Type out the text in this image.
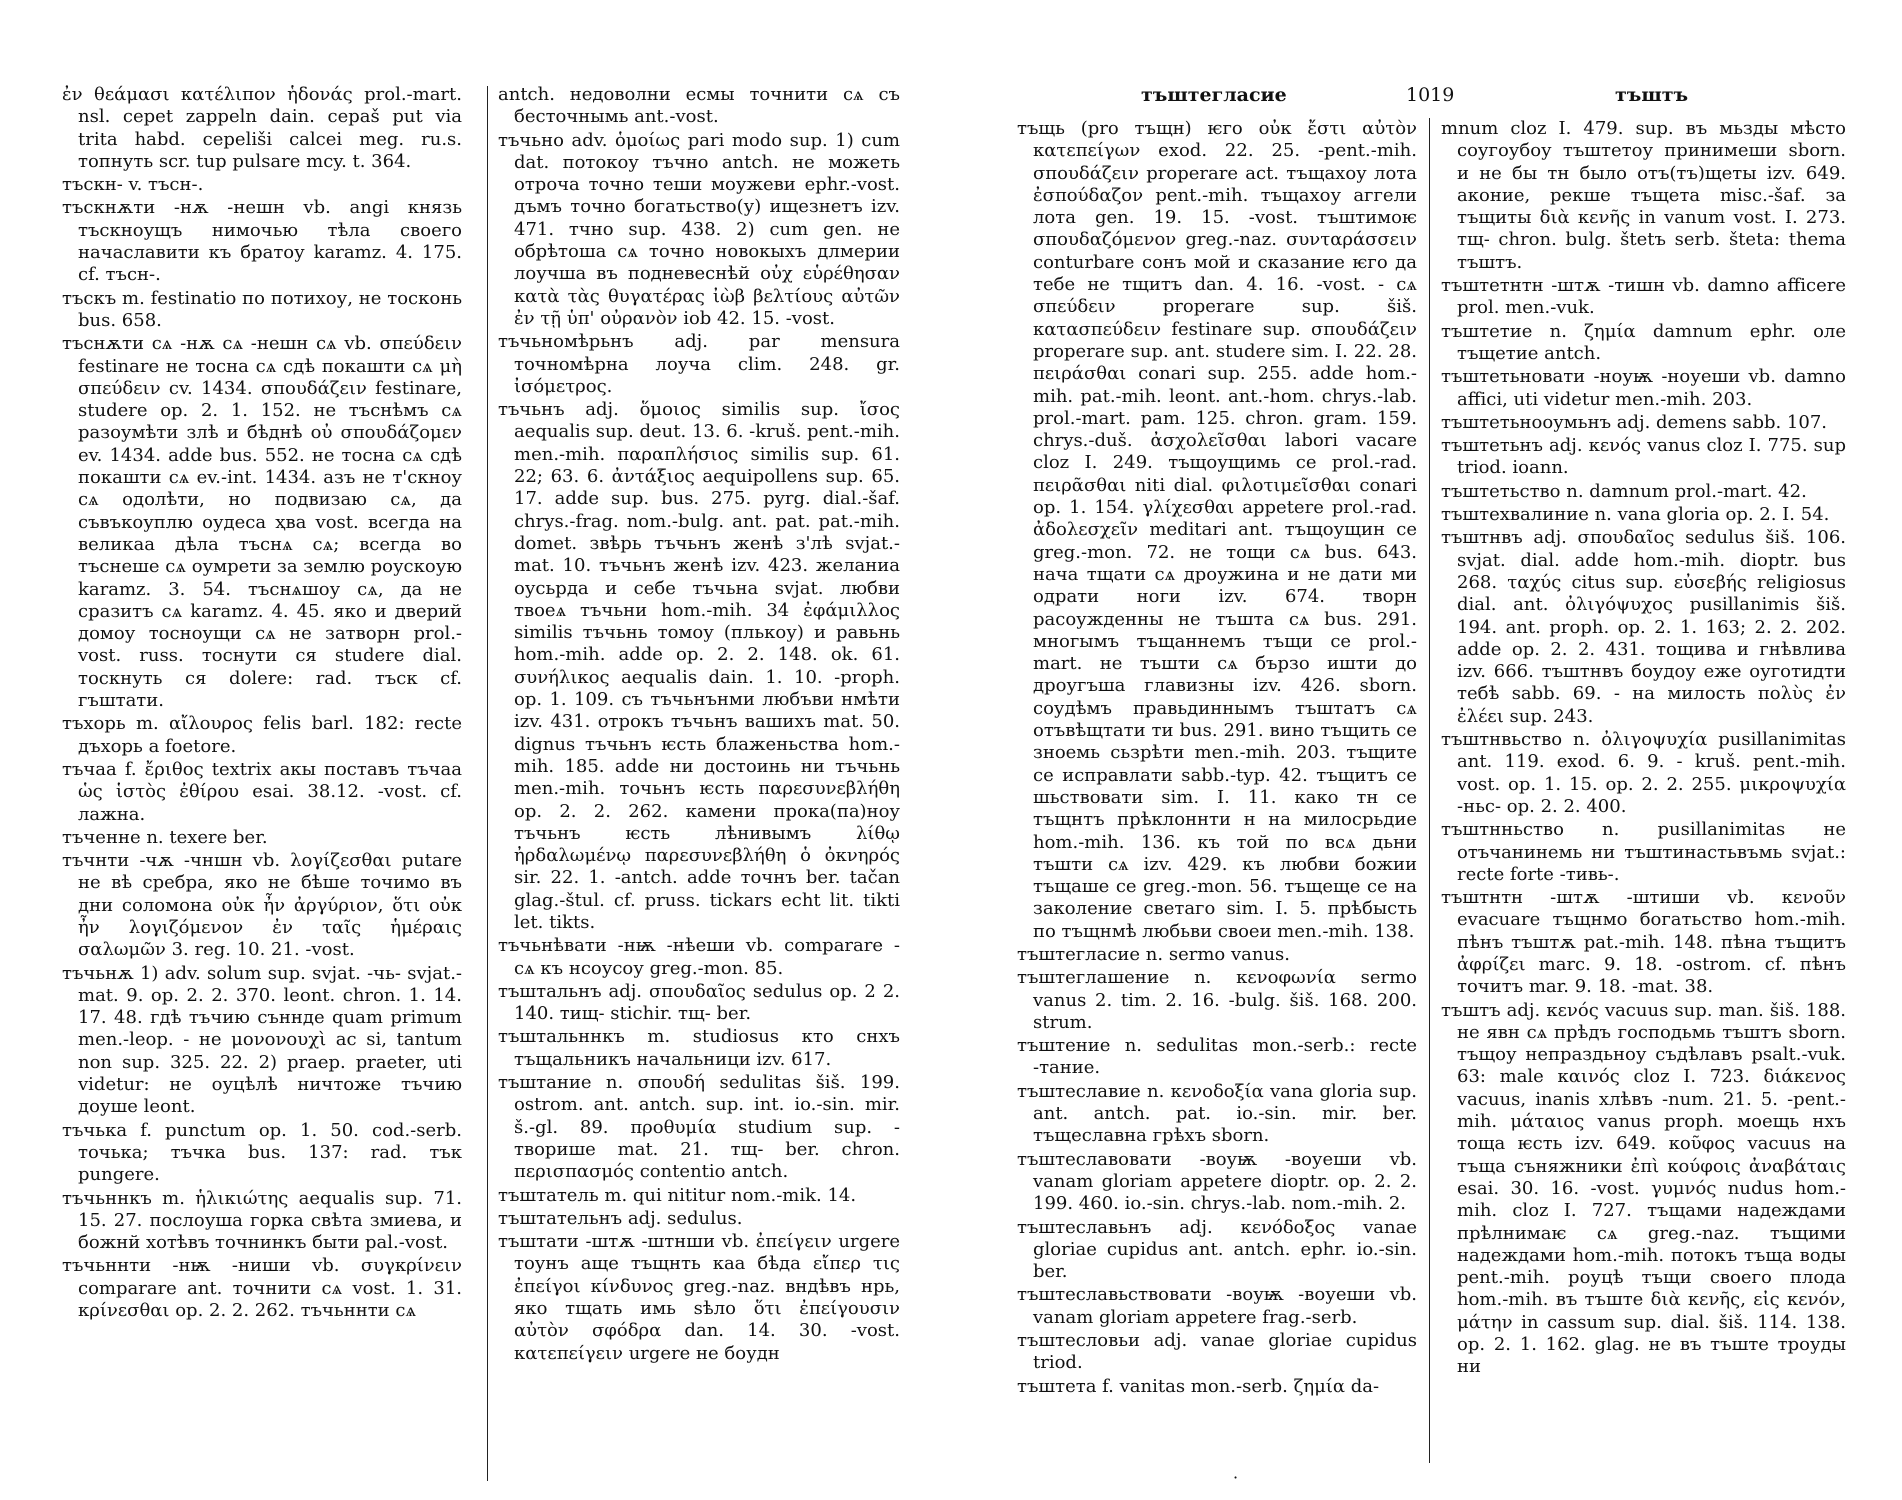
ἐν θεάμασι κατέλιπον ἡδονάς prol.-mart. nsl. cepet zappeln dain. cepaš put via trita habd. cepeliši calcei meg. ru.s. топнуть scr. tup pulsare mcy. t. 364.

тъскн- v. тъсн-.

тъскнѫти -нѫ -нешн vb. angi князь тъскноущъ нимочью тѣла своего начаславити къ братоу karamz. 4. 175. cf. тъсн-.

тъскъ m. festinatio по потихоу, не тосконь bus. 658.

тъснѫти сѧ -нѫ сѧ -нешн сѧ vb. σπεύδειν festinare не тосна сѧ сдѣ покашти сѧ μὴ σπεύδειν cv. 1434. σπουδάζειν festinare, studere op. 2. 1. 152. не тъснѣмъ сѧ разоумѣти злѣ и бѣднѣ οὐ σπουδάζομεν ev. 1434. adde bus. 552. не тосна сѧ сдѣ покашти сѧ ev.-int. 1434. азъ не т'скноу сѧ одолѣти, но подвизаю сѧ, да съвъкоуплю оудеса ҳва vost. всегда на великаа дѣла тъснѧ сѧ; всегда во тъснеше сѧ оумрети за землю роускоую karamz. 3. 54. тъснѧшоу сѧ, да не сразитъ сѧ karamz. 4. 45. яко и дверий домоу тосноущи сѧ не затворн prol.-vost. russ. тоснути ся studere dial. тоскнуть ся dolere: rad. тъск cf. гъштати.

тъхорь m. αἴλουρος felis barl. 182: recte дъхорь a foetore.

тъчаа f. ἔριθος textrix акы поставъ тъчаа ὡς ἱστὸς ἐθίρου esai. 38.12. -vost. cf. лажна.

тъченне n. texere ber.

тъчнти -чѫ -чншн vb. λογίζεσθαι putare не вѣ сребра, яко не бѣше точимо въ дни соломона οὐκ ἦν ἀργύριον, ὅτι οὐκ ἦν λογιζόμενον ἐν ταῖς ἡμέραις σαλωμῶν 3. reg. 10. 21. -vost.

тъчьнѫ 1) adv. solum sup. svjat. -чь- svjat.-mat. 9. op. 2. 2. 370. leont. chron. 1. 14. 17. 48. гдѣ тъчию съннде quam primum men.-leop. - не μονονουχὶ ac si, tantum non sup. 325. 22. 2) praep. praeter, uti videtur: не оуцѣлѣ ничтоже тъчию доуше leont.

тъчька f. punctum op. 1. 50. cod.-serb. точька; тъчка bus. 137: rad. тък pungere.

тъчьннкъ m. ἡλικιώτης aequalis sup. 71. 15. 27. послоуша горка свѣта змиева, и божнй хотѣвъ точнинкъ быти pal.-vost.

тъчьннти -нѭ -ниши vb. συγκρίνειν comparare ant. точнити сѧ vost. 1. 31. κρίνεσθαι op. 2. 2. 262. тъчьннти сѧ

antch. недоволни есмы точнити сѧ съ бесточнымь ant.-vost.

тъчьно adv. ὁμοίως pari modo sup. 1) cum dat. потокоу тъчно antch. не можеть отроча точно теши моужеви ephr.-vost. дъмъ точно богатьство(у) ищезнетъ izv. 471. тчно sup. 438. 2) cum gen. не обрѣтоша сѧ точно новокыхъ длмерии лоучша въ подневеснѣй οὐχ εὑρέθησαν κατὰ τὰς θυγατέρας ἰὼβ βελτίους αὐτῶν ἐν τῇ ὑπ' οὐρανὸν iob 42. 15. -vost.

тъчьномѣрьнъ adj. par mensura точномѣрна лоуча clim. 248. gr. ἰσόμετρος.

тъчьнъ adj. ὅμοιος similis sup. ἴσος aequalis sup. deut. 13. 6. -kruš. pent.-mih. men.-mih. παραπλήσιος similis sup. 61. 22; 63. 6. ἀντάξιος aequipollens sup. 65. 17. adde sup. bus. 275. pyrg. dial.-šaf. chrys.-frag. nom.-bulg. ant. pat. pat.-mih. domet. звѣрь тъчьнъ женѣ з'лѣ svjat.-mat. 10. тъчьнъ женѣ izv. 423. желаниа оусьрда и себе тъчьна svjat. любви твоеѧ тъчьни hom.-mih. 34 ἐφάμιλλος similis тъчьнь томоу (плькоу) и равьнь hom.-mih. adde op. 2. 2. 148. ok. 61. συνήλικος aequalis dain. 1. 10. -proph. op. 1. 109. съ тъчьнънми любъви нмѣти izv. 431. отрокъ тъчьнъ вашихъ mat. 50. dignus тъчьнъ ѥсть блаженьства hom.-mih. 185. adde ни достоинь ни тъчьнь men.-mih. точьнъ ѥсть παρεσυνεβλήθη op. 2. 2. 262. камени прока(па)ноу тъчьнъ ѥсть лѣнивымъ λίθῳ ἠρδαλωμένῳ παρεσυνεβλήθη ὁ ὀκνηρός sir. 22. 1. -antch. adde точнъ ber. tačan glag.-štul. cf. pruss. tickars echt lit. tikti let. tikts.

тъчьнѣвати -нѭ -нѣеши vb. comparare - сѧ къ нсоусоу greg.-mon. 85.

тъштальнъ adj. σπουδαῖος sedulus op. 2 2. 140. тищ- stichir. тщ- ber.

тъштальннкъ m. studiosus кто снхъ тъщальникъ начальници izv. 617.

тъштание n. σπουδή sedulitas šiš. 199. ostrom. ant. antch. sup. int. io.-sin. mir. š.-gl. 89. προθυμία studium sup. - творише mat. 21. тщ- ber. chron. περισπασμός contentio antch.

тъштатель m. qui nititur nom.-mik. 14.

тъштательнъ adj. sedulus.

тъштати -штѫ -штнши vb. ἐπείγειν urgere тоунъ аще тъщнть каа бѣда εἴπερ τις ἐπείγοι κίνδυνος greg.-naz. вндѣвъ нрь, яко тщать имь ѕѣло ὅτι ἐπείγουσιν αὐτὸν σφόδρα dan. 14. 30. -vost. κατεπείγειν urgere не боудн

тъштеглаcие	1019	тъштъ

тъщь (pro тъщн) ѥго οὐκ ἔστι αὐτὸν κατεπείγων exod. 22. 25. -pent.-mih. σπουδάζειν properare act. тъщахоу лота ἐσπούδαζον pent.-mih. тъщахоу аггели лота gen. 19. 15. -vost. тъштимоѥ σπουδαζόμενον greg.-naz. συνταράσσειν conturbare сонъ мой и сказание ѥго да тебе не тщитъ dan. 4. 16. -vost. - сѧ σπεύδειν properare sup. šiš. κατασπεύδειν festinare sup. σπουδάζειν properare sup. ant. studere sim. I. 22. 28. πειράσθαι conari sup. 255. adde hom.-mih. pat.-mih. leont. ant.-hom. chrys.-lab. prol.-mart. pam. 125. chron. gram. 159. chrys.-duš. ἀσχολεῖσθαι labori vacare cloz I. 249. тъщоущимь се prol.-rad. πειρᾶσθαι niti dial. φιλοτιμεῖσθαι conari op. 1. 154. γλίχεσθαι appetere prol.-rad. ἀδολεσχεῖν meditari ant. тъщоущин се greg.-mon. 72. не тощи сѧ bus. 643. нача тщати сѧ дроужина и не дати ми одрати ноги izv. 674. творн расоужденны не тъшта сѧ bus. 291. многымъ тъщаннемъ тъщи се prol.-mart. не тъшти сѧ бързо ишти до дроугъша главизны izv. 426. sborn. соудѣмъ правьдиннымъ тъштатъ сѧ отъвѣщтати ти bus. 291. вино тъщить се зноемь сьзрѣти men.-mih. 203. тъщите се исправлати sabb.-typ. 42. тъщитъ се шьствовати sim. I. 11. како тн се тъщнтъ прѣклоннти н на милосрьдие hom.-mih. 136. къ той по всѧ дьни тъшти сѧ izv. 429. къ любви божии тъщаше се greg.-mon. 56. тъщеще се на заколение светаго sim. I. 5. прѣбысть по тъщнмѣ любьви своеи men.-mih. 138.

тъштеглаcие n. sermo vanus.

тъштеглашение n. κενοφωνία sermo vanus 2. tim. 2. 16. -bulg. šiš. 168. 200. strum.

тъштение n. sedulitas mon.-serb.: recte -тание.

тъштеславие n. κενοδοξία vana gloria sup. ant. antch. pat. io.-sin. mir. ber. тъщеславна грѣхъ sborn.

тъштеславовати -воуѭ -воуеши vb. vanam gloriam appetere dioptr. op. 2. 2. 199. 460. io.-sin. chrys.-lab. nom.-mih. 2.

тъштеславьнъ adj. κενόδοξος vanae gloriae cupidus ant. antch. ephr. io.-sin. ber.

тъштеславьствовати -воуѭ -воуеши vb. vanam gloriam appetere frag.-serb.

тъштесловьи adj. vanae gloriae cupidus triod.

тъштета f. vanitas mon.-serb. ζημία da-

mnum cloz I. 479. sup. въ мьзды мѣсто соугоубоу тъштетоу принимеши sborn. и не бы тн было отъ(тъ)щеты izv. 649. аконие, рекше тъщета misc.-šaf. за тъщиты διὰ κενῆς in vanum vost. I. 273. тщ- chron. bulg. štetъ serb. šteta: thema тъштъ.

тъштетнтн -штѫ -тишн vb. damno afficere prol. men.-vuk.

тъштетие n. ζημία damnum ephr. оле тъщетие antch.

тъштетьновати -ноуѭ -ноуеши vb. damno affici, uti videtur men.-mih. 203.

тъштетьноoумьнъ adj. demens sabb. 107.

тъштетьнъ adj. κενός vanus cloz I. 775. sup triod. ioann.

тъштетьство n. damnum prol.-mart. 42.

тъштехвалиние n. vana gloria op. 2. I. 54.

тъштнвъ adj. σπουδαῖος sedulus šiš. 106. svjat. dial. adde hom.-mih. dioptr. bus 268. ταχύς citus sup. εὐσεβής religiosus dial. ant. ὀλιγόψυχος pusillanimis šiš. 194. ant. proph. op. 2. 1. 163; 2. 2. 202. adde op. 2. 2. 431. тощива и гнѣвлива izv. 666. тъштнвъ боудоу еже оуготидти тебѣ sabb. 69. - на милость πολὺς ἐν ἐλέει sup. 243.

тъштнвьство n. ὀλιγοψυχία pusillanimitas ant. 119. exod. 6. 9. - kruš. pent.-mih. vost. op. 1. 15. op. 2. 2. 255. μικροψυχία -ньс- op. 2. 2. 400.

тъштнньство n. pusillanimitas не отъчанинемь ни тъштинастьвъмь svjat.: recte forte -тивь-.

тъштнтн -штѫ -штиши vb. κενοῦν evacuare тъщнмо богатьство hom.-mih. пѣнъ тъштѫ pat.-mih. 148. пѣна тъщитъ ἀφρίζει marc. 9. 18. -ostrom. cf. пѣнъ точитъ mar. 9. 18. -mat. 38.

тъштъ adj. κενός vacuus sup. man. šiš. 188. не явн сѧ прѣдъ господьмь тъштъ sborn. тъщоу непраздьноу съдѣлавъ psalt.-vuk. 63: male καινός cloz I. 723. διάκενος vacuus, inanis хлѣвъ -num. 21. 5. -pent.-mih. μάταιος vanus proph. моещь нхъ тоща ѥсть izv. 649. κοῦφος vacuus на тъща съняжники ἐπὶ κούφοις ἀναβάταις esai. 30. 16. -vost. γυμνός nudus hom.-mih. cloz I. 727. тъщами надеждами прѣлнимаѥ сѧ greg.-naz. тъщими надеждами hom.-mih. потокъ тъща воды pent.-mih. роуцѣ тъщи своего плода hom.-mih. въ тъште διὰ κενῆς, εἰς κενόν, μάτην in cassum sup. dial. šiš. 114. 138. op. 2. 1. 162. glag. не въ тъште троуды ни

·
